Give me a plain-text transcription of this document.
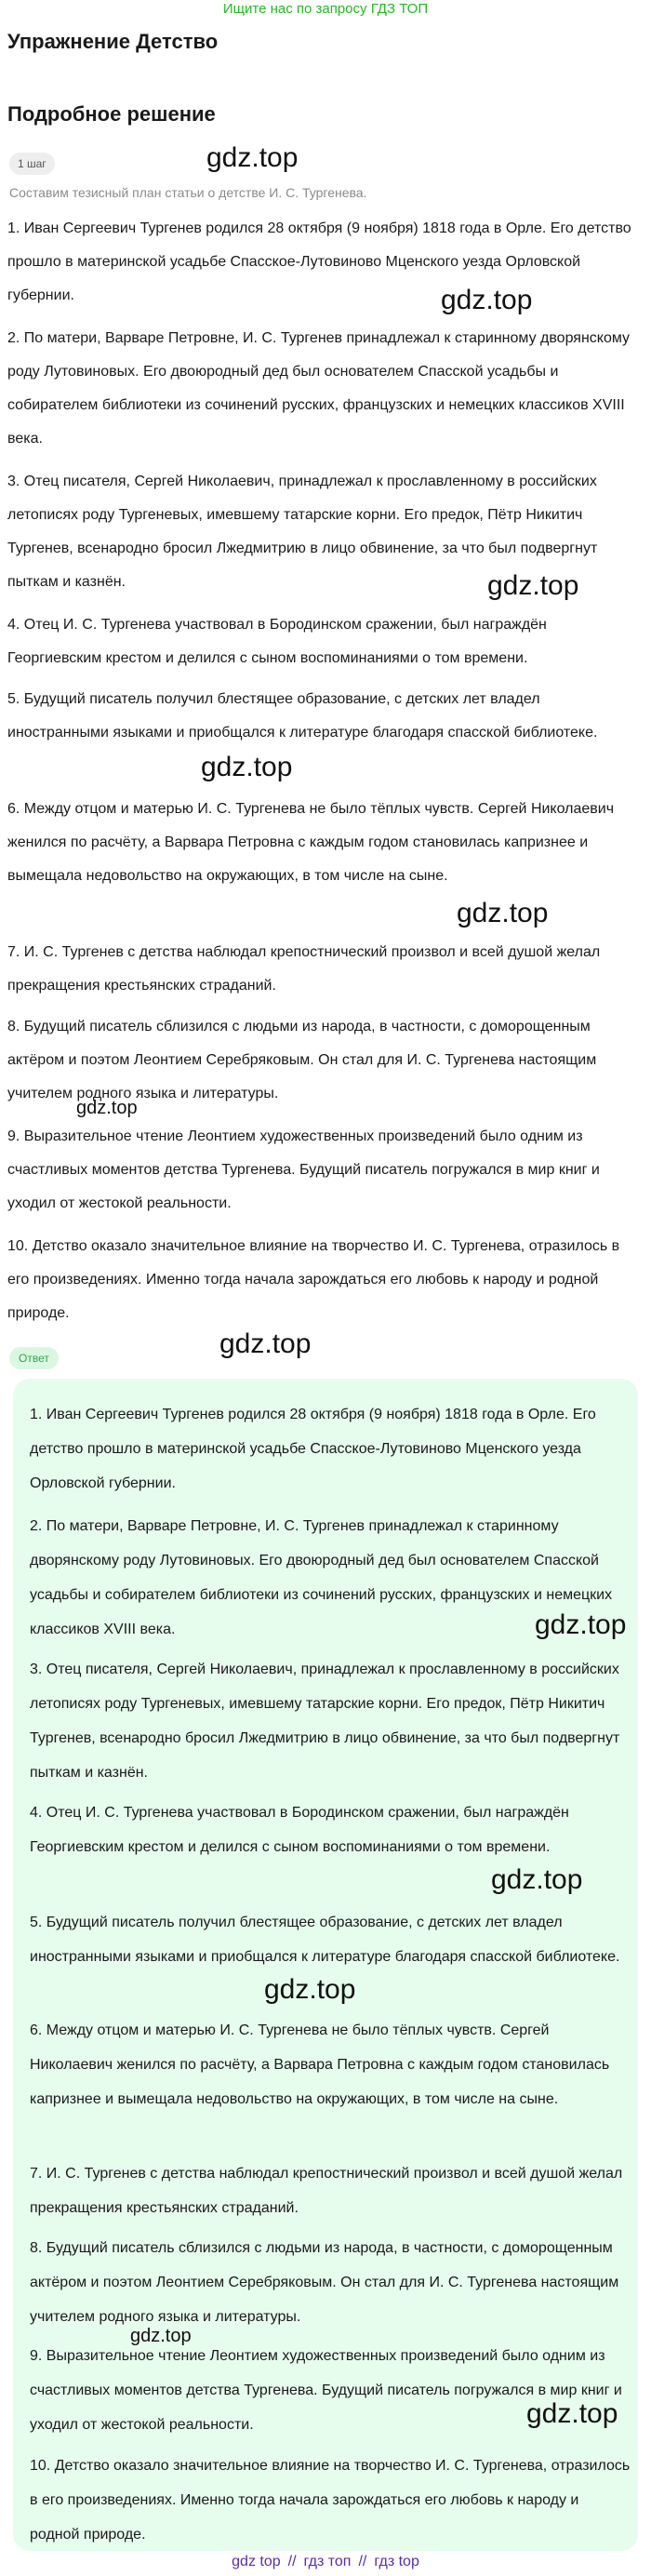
Ищите нас по запросу ГДЗ ТОП
Упражнение Детство
Подробное решение
1 шаг
Составим тезисный план статьи о детстве И. С. Тургенева.

1. Иван Сергеевич Тургенев родился 28 октября (9 ноября) 1818 года в Орле. Его детство прошло в материнской усадьбе Спасское-Лутовиново Мценского уезда Орловской губернии.

2. По матери, Варваре Петровне, И. С. Тургенев принадлежал к старинному дворянскому роду Лутовиновых. Его двоюродный дед был основателем Спасской усадьбы и собирателем библиотеки из сочинений русских, французских и немецких классиков XVIII века.

3. Отец писателя, Сергей Николаевич, принадлежал к прославленному в российских летописях роду Тургеневых, имевшему татарские корни. Его предок, Пётр Никитич Тургенев, всенародно бросил Лжедмитрию в лицо обвинение, за что был подвергнут пыткам и казнён.

4. Отец И. С. Тургенева участвовал в Бородинском сражении, был награждён Георгиевским крестом и делился с сыном воспоминаниями о том времени.

5. Будущий писатель получил блестящее образование, с детских лет владел иностранными языками и приобщался к литературе благодаря спасской библиотеке.

6. Между отцом и матерью И. С. Тургенева не было тёплых чувств. Сергей Николаевич женился по расчёту, а Варвара Петровна с каждым годом становилась капризнее и вымещала недовольство на окружающих, в том числе на сыне.

7. И. С. Тургенев с детства наблюдал крепостнический произвол и всей душой желал прекращения крестьянских страданий.

8. Будущий писатель сблизился с людьми из народа, в частности, с доморощенным актёром и поэтом Леонтием Серебряковым. Он стал для И. С. Тургенева настоящим учителем родного языка и литературы.

9. Выразительное чтение Леонтием художественных произведений было одним из счастливых моментов детства Тургенева. Будущий писатель погружался в мир книг и уходил от жестокой реальности.

10. Детство оказало значительное влияние на творчество И. С. Тургенева, отразилось в его произведениях. Именно тогда начала зарождаться его любовь к народу и родной природе.

Ответ

1. Иван Сергеевич Тургенев родился 28 октября (9 ноября) 1818 года в Орле. Его детство прошло в материнской усадьбе Спасское-Лутовиново Мценского уезда Орловской губернии.

2. По матери, Варваре Петровне, И. С. Тургенев принадлежал к старинному дворянскому роду Лутовиновых. Его двоюродный дед был основателем Спасской усадьбы и собирателем библиотеки из сочинений русских, французских и немецких классиков XVIII века.

3. Отец писателя, Сергей Николаевич, принадлежал к прославленному в российских летописях роду Тургеневых, имевшему татарские корни. Его предок, Пётр Никитич Тургенев, всенародно бросил Лжедмитрию в лицо обвинение, за что был подвергнут пыткам и казнён.

4. Отец И. С. Тургенева участвовал в Бородинском сражении, был награждён Георгиевским крестом и делился с сыном воспоминаниями о том времени.

5. Будущий писатель получил блестящее образование, с детских лет владел иностранными языками и приобщался к литературе благодаря спасской библиотеке.

6. Между отцом и матерью И. С. Тургенева не было тёплых чувств. Сергей Николаевич женился по расчёту, а Варвара Петровна с каждым годом становилась капризнее и вымещала недовольство на окружающих, в том числе на сыне.

7. И. С. Тургенев с детства наблюдал крепостнический произвол и всей душой желал прекращения крестьянских страданий.

8. Будущий писатель сблизился с людьми из народа, в частности, с доморощенным актёром и поэтом Леонтием Серебряковым. Он стал для И. С. Тургенева настоящим учителем родного языка и литературы.

9. Выразительное чтение Леонтием художественных произведений было одним из счастливых моментов детства Тургенева. Будущий писатель погружался в мир книг и уходил от жестокой реальности.

10. Детство оказало значительное влияние на творчество И. С. Тургенева, отразилось в его произведениях. Именно тогда начала зарождаться его любовь к народу и родной природе.

gdz.top
gdz.top
gdz.top
gdz.top
gdz.top
gdz.top
gdz.top
gdz.top
gdz.top
gdz.top
gdz.top
gdz.top
gdz top // гдз топ // гдз top
